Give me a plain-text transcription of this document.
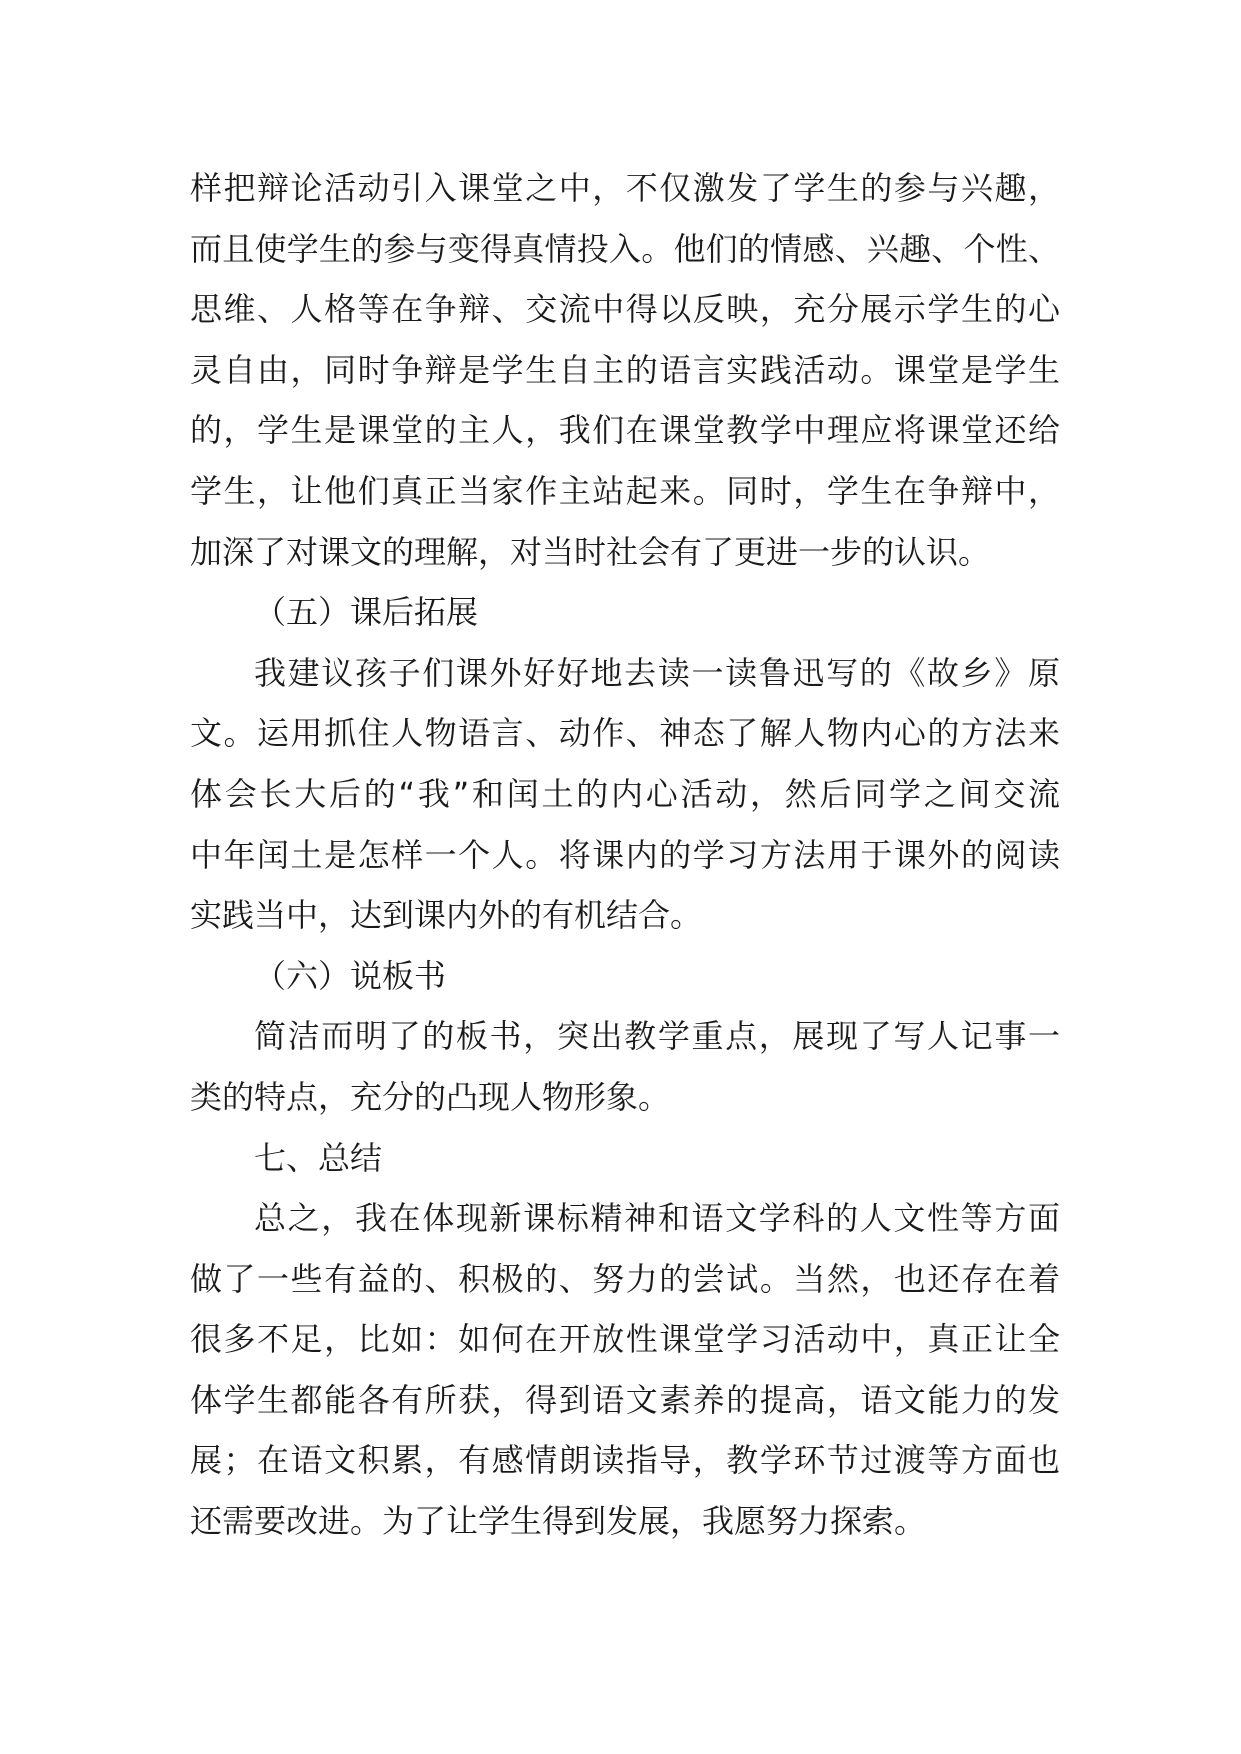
样把辩论活动引入课堂之中，不仅激发了学生的参与兴趣，
而且使学生的参与变得真情投入。他们的情感、兴趣、个性、
思维、人格等在争辩、交流中得以反映，充分展示学生的心
灵自由，同时争辩是学生自主的语言实践活动。课堂是学生
的，学生是课堂的主人，我们在课堂教学中理应将课堂还给
学生，让他们真正当家作主站起来。同时，学生在争辩中，
加深了对课文的理解，对当时社会有了更进一步的认识。
（五）课后拓展
我建议孩子们课外好好地去读一读鲁迅写的《故乡》原
文。运用抓住人物语言、动作、神态了解人物内心的方法来
体会长大后的“我”和闰土的内心活动，然后同学之间交流
中年闰土是怎样一个人。将课内的学习方法用于课外的阅读
实践当中，达到课内外的有机结合。
（六）说板书
简洁而明了的板书，突出教学重点，展现了写人记事一
类的特点，充分的凸现人物形象。
七、总结
总之，我在体现新课标精神和语文学科的人文性等方面
做了一些有益的、积极的、努力的尝试。当然，也还存在着
很多不足，比如：如何在开放性课堂学习活动中，真正让全
体学生都能各有所获，得到语文素养的提高，语文能力的发
展；在语文积累，有感情朗读指导，教学环节过渡等方面也
还需要改进。为了让学生得到发展，我愿努力探索。
